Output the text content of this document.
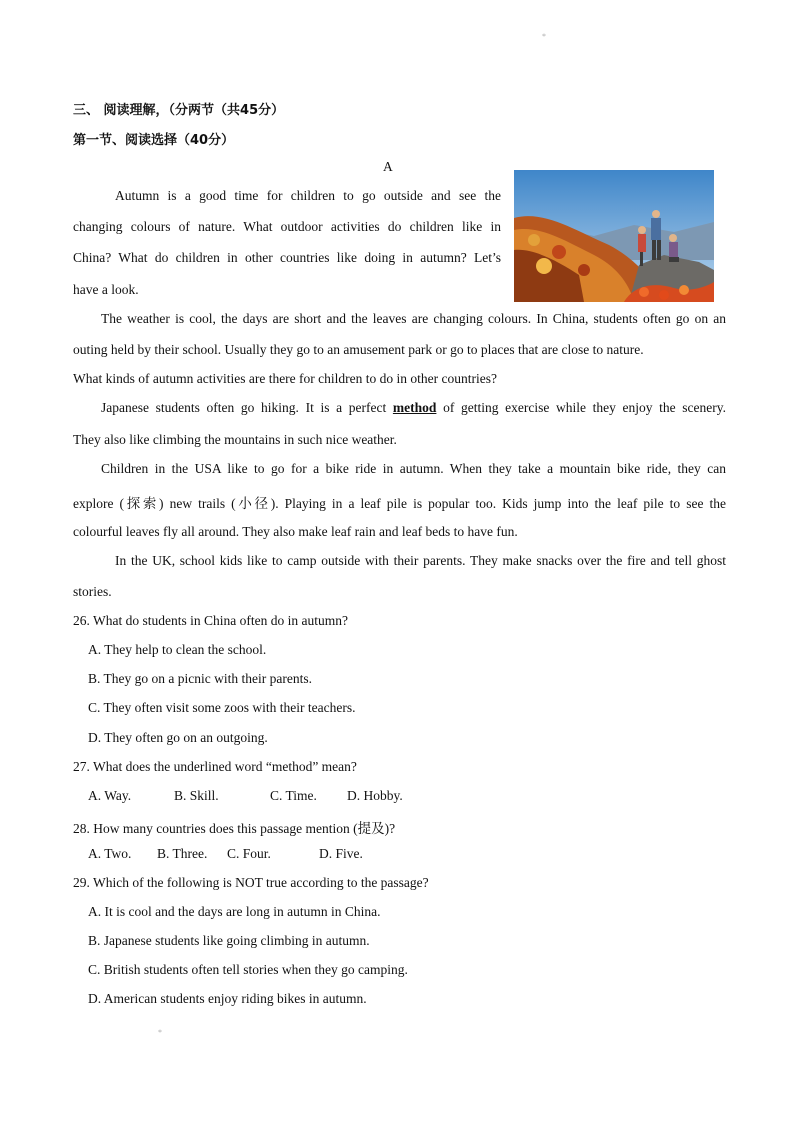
*
*
三、 阅读理解，（分两节（共45分）
第一节、阅读选择（40分）
A
Autumn is a good time for children to go outside and see the
changing colours of nature. What outdoor activities do children like in
China? What do children in other countries like doing in autumn? Let’s
have a look.
The weather is cool, the days are short and the leaves are changing colours. In China, students often go on an
outing held by their school. Usually they go to an amusement park or go to places that are close to nature.
What kinds of autumn activities are there for children to do in other countries?
Japanese students often go hiking. It is a perfect method of getting exercise while they enjoy the scenery.
They also like climbing the mountains in such nice weather.
Children in the USA like to go for a bike ride in autumn. When they take a mountain bike ride, they can
explore (探索) new trails (小径). Playing in a leaf pile is popular too. Kids jump into the leaf pile to see the
colourful leaves fly all around. They also make leaf rain and leaf beds to have fun.
In the UK, school kids like to camp outside with their parents. They make snacks over the fire and tell ghost
stories.
26. What do students in China often do in autumn?
A. They help to clean the school.
B. They go on a picnic with their parents.
C. They often visit some zoos with their teachers.
D. They often go on an outgoing.
27. What does the underlined word “method” mean?
A. Way.	B. Skill.	C. Time. D. Hobby.
28. How many countries does this passage mention (提及)?
A. Two. B. Three. C. Four.	D. Five.
29. Which of the following is NOT true according to the passage?
A. It is cool and the days are long in autumn in China.
B. Japanese students like going climbing in autumn.
C. British students often tell stories when they go camping.
D. American students enjoy riding bikes in autumn.
